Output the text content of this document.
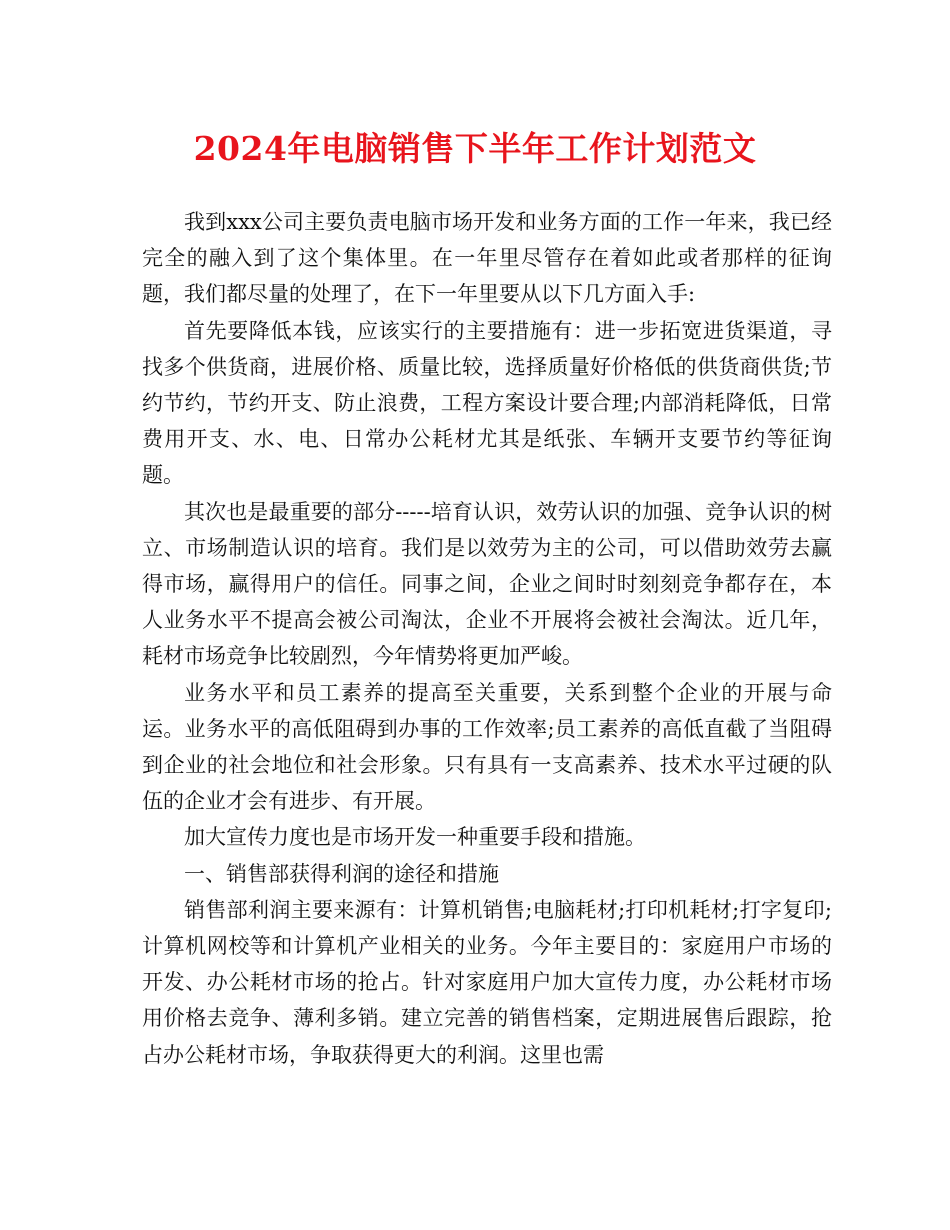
2024年电脑销售下半年工作计划范文

我到xxx公司主要负责电脑市场开发和业务方面的工作一年来，我已经完全的融入到了这个集体里。在一年里尽管存在着如此或者那样的征询题，我们都尽量的处理了，在下一年里要从以下几方面入手:

首先要降低本钱，应该实行的主要措施有：进一步拓宽进货渠道，寻找多个供货商，进展价格、质量比较，选择质量好价格低的供货商供货;节约节约，节约开支、防止浪费，工程方案设计要合理;内部消耗降低，日常费用开支、水、电、日常办公耗材尤其是纸张、车辆开支要节约等征询题。

其次也是最重要的部分-----培育认识，效劳认识的加强、竞争认识的树立、市场制造认识的培育。我们是以效劳为主的公司，可以借助效劳去赢得市场，赢得用户的信任。同事之间，企业之间时时刻刻竞争都存在，本人业务水平不提高会被公司淘汰，企业不开展将会被社会淘汰。近几年，耗材市场竞争比较剧烈，今年情势将更加严峻。

业务水平和员工素养的提高至关重要，关系到整个企业的开展与命运。业务水平的高低阻碍到办事的工作效率;员工素养的高低直截了当阻碍到企业的社会地位和社会形象。只有具有一支高素养、技术水平过硬的队伍的企业才会有进步、有开展。

加大宣传力度也是市场开发一种重要手段和措施。

一、销售部获得利润的途径和措施

销售部利润主要来源有：计算机销售;电脑耗材;打印机耗材;打字复印;计算机网校等和计算机产业相关的业务。今年主要目的：家庭用户市场的开发、办公耗材市场的抢占。针对家庭用户加大宣传力度，办公耗材市场用价格去竞争、薄利多销。建立完善的销售档案，定期进展售后跟踪，抢占办公耗材市场，争取获得更大的利润。这里也需
